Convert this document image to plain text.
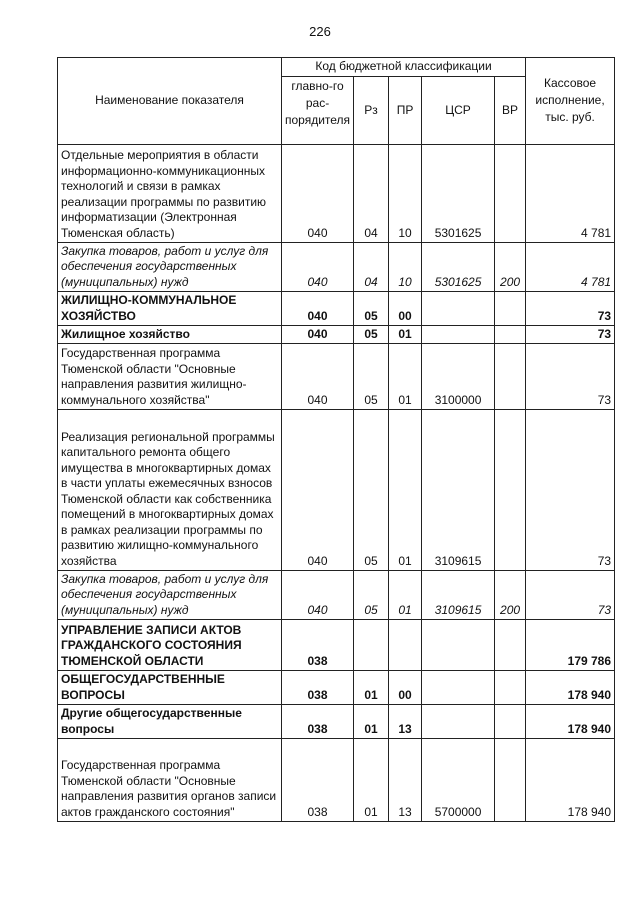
226
Наименование показателя	Код бюджетной классификации					Кассовое исполнение, тыс. руб.
	главно-го рас-порядителя	Рз	ПР	ЦСР	ВР	
Отдельные мероприятия в области информационно-коммуникационных технологий и связи в рамках реализации программы по развитию информатизации (Электронная Тюменская область)	040	04	10	5301625		4 781
Закупка товаров, работ и услуг для обеспечения государственных (муниципальных) нужд	040	04	10	5301625	200	4 781
ЖИЛИЩНО-КОММУНАЛЬНОЕ ХОЗЯЙСТВО	040	05	00			73
Жилищное хозяйство	040	05	01			73
Государственная программа Тюменской области "Основные направления развития жилищно-коммунального хозяйства"	040	05	01	3100000		73
Реализация региональной программы капитального ремонта общего имущества в многоквартирных домах в части уплаты ежемесячных взносов Тюменской области как собственника помещений в многоквартирных домах в рамках реализации программы по развитию жилищно-коммунального хозяйства	040	05	01	3109615		73
Закупка товаров, работ и услуг для обеспечения государственных (муниципальных) нужд	040	05	01	3109615	200	73
УПРАВЛЕНИЕ ЗАПИСИ АКТОВ ГРАЖДАНСКОГО СОСТОЯНИЯ ТЮМЕНСКОЙ ОБЛАСТИ	038					179 786
ОБЩЕГОСУДАРСТВЕННЫЕ ВОПРОСЫ	038	01	00			178 940
Другие общегосударственные вопросы	038	01	13			178 940
Государственная программа Тюменской области "Основные направления развития органов записи актов гражданского состояния"	038	01	13	5700000		178 940
